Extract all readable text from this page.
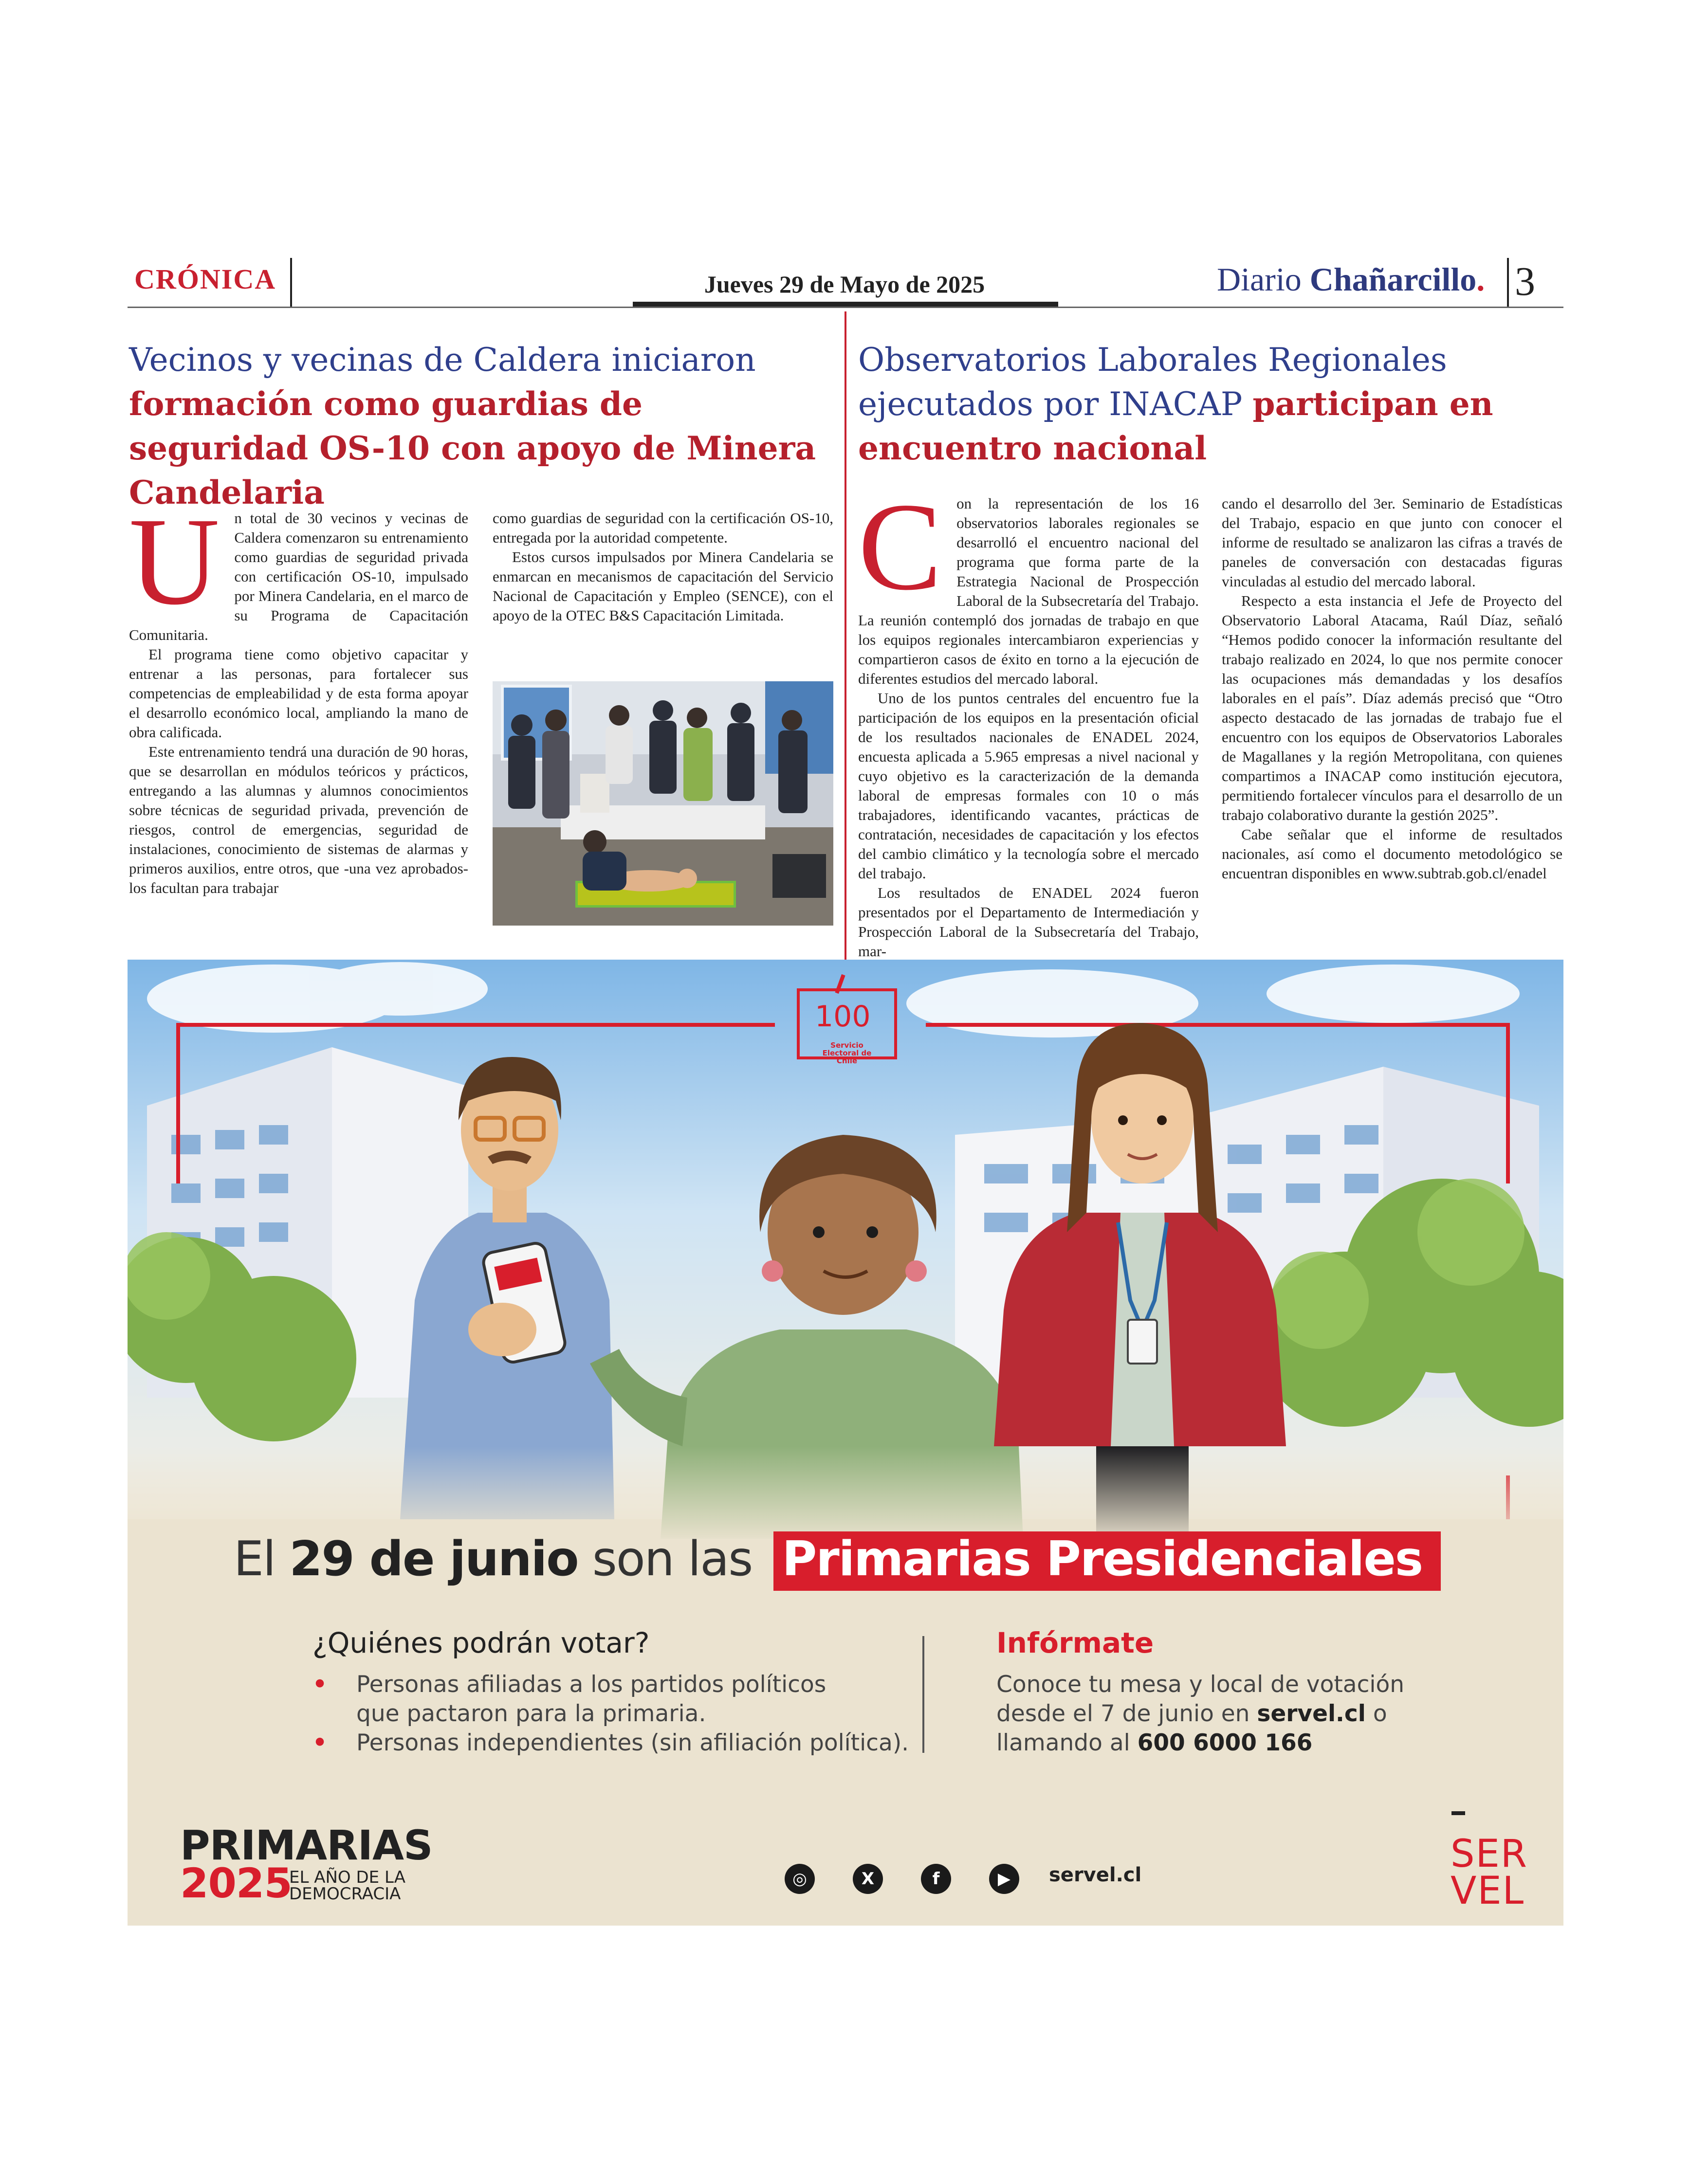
CRÓNICA	Jueves 29 de Mayo de 2025	Diario Chañarcillo. 3
Vecinos y vecinas de Caldera iniciaron
formación como guardias de seguridad OS-10 con apoyo de Minera Candelaria
U n total de 30 vecinos y vecinas de Caldera comenzaron su entrenamiento como guardias de seguridad privada con certificación OS-10, impulsado por Minera Candelaria, en el marco de su Programa de Capacitación Comunitaria.

El programa tiene como objetivo capacitar y entrenar a las personas, para fortalecer sus competencias de empleabilidad y de esta forma apoyar el desarrollo económico local, ampliando la mano de obra calificada.

Este entrenamiento tendrá una duración de 90 horas, que se desarrollan en módulos teóricos y prácticos, entregando a las alumnas y alumnos conocimientos sobre técnicas de seguridad privada, prevención de riesgos, control de emergencias, seguridad de instalaciones, conocimiento de sistemas de alarmas y primeros auxilios, entre otros, que -una vez aprobados- los facultan para trabajar

como guardias de seguridad con la certificación OS-10, entregada por la autoridad competente.

Estos cursos impulsados por Minera Candelaria se enmarcan en mecanismos de capacitación del Servicio Nacional de Capacitación y Empleo (SENCE), con el apoyo de la OTEC B&S Capacitación Limitada.

Observatorios Laborales Regionales ejecutados por INACAP participan en encuentro nacional
C on la representación de los 16 observatorios laborales regionales se desarrolló el encuentro nacional del programa que forma parte de la Estrategia Nacional de Prospección Laboral de la Subsecretaría del Trabajo. La reunión contempló dos jornadas de trabajo en que los equipos regionales intercambiaron experiencias y compartieron casos de éxito en torno a la ejecución de diferentes estudios del mercado laboral.

Uno de los puntos centrales del encuentro fue la participación de los equipos en la presentación oficial de los resultados nacionales de ENADEL 2024, encuesta aplicada a 5.965 empresas a nivel nacional y cuyo objetivo es la caracterización de la demanda laboral de empresas formales con 10 o más trabajadores, identificando vacantes, prácticas de contratación, necesidades de capacitación y los efectos del cambio climático y la tecnología sobre el mercado del trabajo.

Los resultados de ENADEL 2024 fueron presentados por el Departamento de Intermediación y Prospección Laboral de la Subsecretaría del Trabajo, mar-

cando el desarrollo del 3er. Seminario de Estadísticas del Trabajo, espacio en que junto con conocer el informe de resultado se analizaron las cifras a través de paneles de conversación con destacadas figuras vinculadas al estudio del mercado laboral.

Respecto a esta instancia el Jefe de Proyecto del Observatorio Laboral Atacama, Raúl Díaz, señaló “Hemos podido conocer la información resultante del trabajo realizado en 2024, lo que nos permite conocer las ocupaciones más demandadas y los desafíos laborales en el país”. Díaz además precisó que “Otro aspecto destacado de las jornadas de trabajo fue el encuentro con los equipos de Observatorios Laborales de Magallanes y la región Metropolitana, con quienes compartimos a INACAP como institución ejecutora, permitiendo fortalecer vínculos para el desarrollo de un trabajo colaborativo durante la gestión 2025”.

Cabe señalar que el informe de resultados nacionales, así como el documento metodológico se encuentran disponibles en www.subtrab.gob.cl/enadel

100
Servicio Electoral de Chile
El 29 de junio son las Primarias Presidenciales
¿Quiénes podrán votar?
• Personas afiliadas a los partidos políticos
que pactaron para la primaria.
• Personas independientes (sin afiliación política).
Infórmate
Conoce tu mesa y local de votación
desde el 7 de junio en servel.cl o
llamando al 600 6000 166
PRIMARIAS
2025
EL AÑO DE LA
DEMOCRACIA
◎	X	f	▶	servel.cl	SER
VEL
